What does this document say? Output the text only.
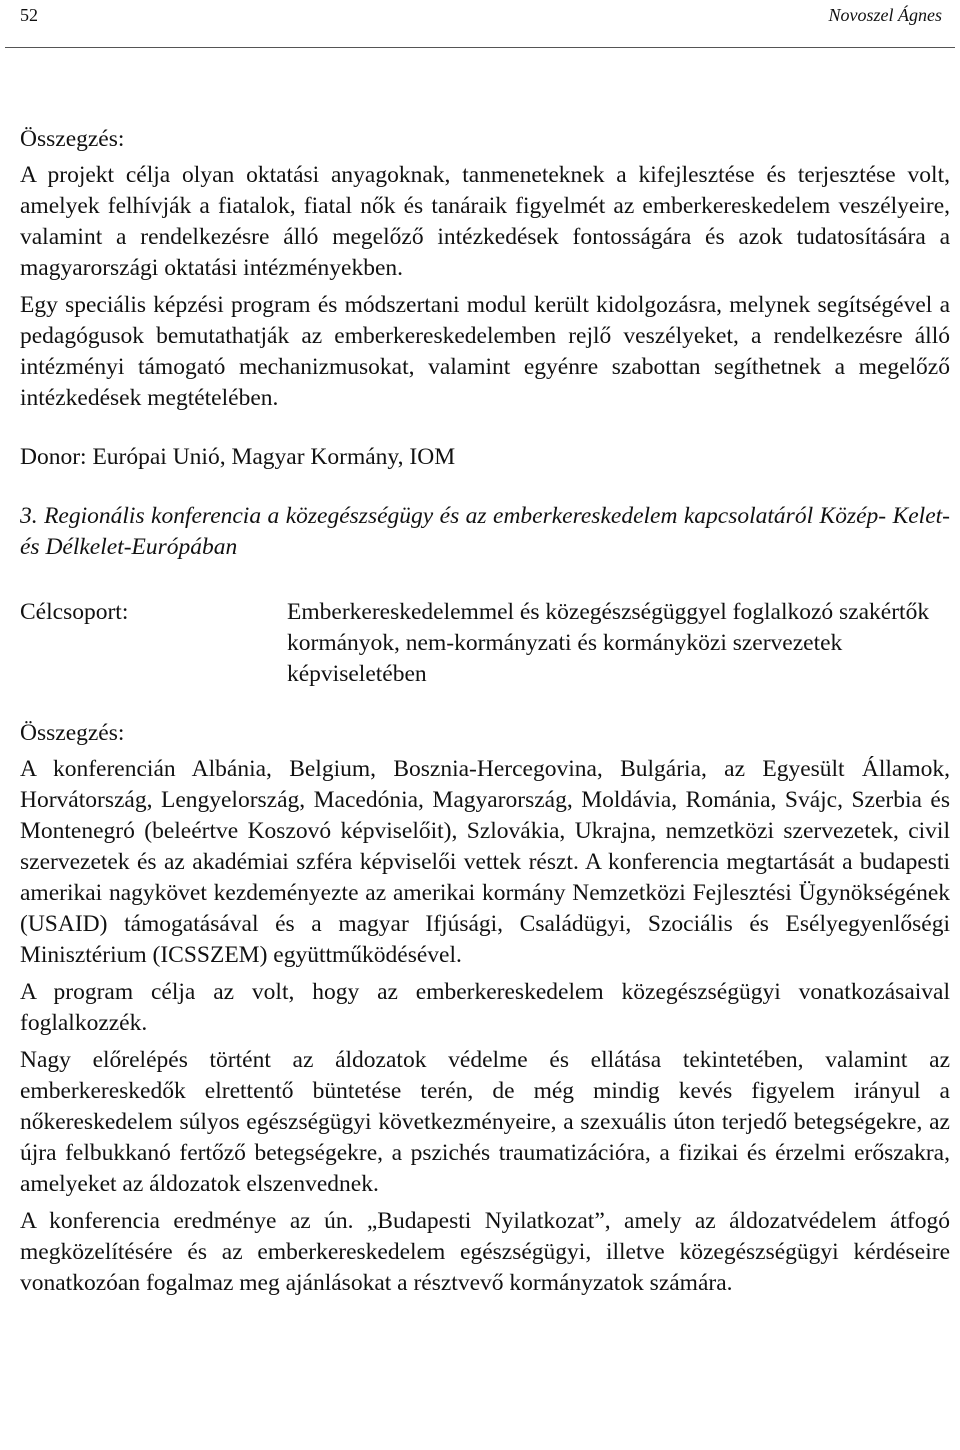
52	Novoszel Ágnes

Összegzés:

A projekt célja olyan oktatási anyagoknak, tanmeneteknek a kifejlesztése és terjesztése volt, amelyek felhívják a fiatalok, fiatal nők és tanáraik figyelmét az emberkereskedelem veszélyeire, valamint a rendelkezésre álló megelőző intézkedések fontosságára és azok tudatosítására a magyarországi oktatási intézményekben.

Egy speciális képzési program és módszertani modul került kidolgozásra, melynek segítségével a pedagógusok bemutathatják az emberkereskedelemben rejlő veszélyeket, a rendelkezésre álló intézményi támogató mechanizmusokat, valamint egyénre szabottan segíthetnek a megelőző intézkedések megtételében.

Donor: Európai Unió, Magyar Kormány, IOM

3. Regionális konferencia a közegészségügy és az emberkereskedelem kapcsolatáról Közép- Kelet- és Délkelet-Európában

Célcsoport:	Emberkereskedelemmel és közegészségüggyel foglalkozó szakértők kormányok, nem-kormányzati és kormányközi szervezetek képviseletében

Összegzés:

A konferencián Albánia, Belgium, Bosznia-Hercegovina, Bulgária, az Egyesült Államok, Horvátország, Lengyelország, Macedónia, Magyarország, Moldávia, Románia, Svájc, Szerbia és Montenegró (beleértve Koszovó képviselőit), Szlovákia, Ukrajna, nemzetközi szervezetek, civil szervezetek és az akadémiai szféra képviselői vettek részt. A konferencia megtartását a budapesti amerikai nagykövet kezdeményezte az amerikai kormány Nemzetközi Fejlesztési Ügynökségének (USAID) támogatásával és a magyar Ifjúsági, Családügyi, Szociális és Esélyegyenlőségi Minisztérium (ICSSZEM) együttműködésével.

A program célja az volt, hogy az emberkereskedelem közegészségügyi vonatkozásaival foglalkozzék.

Nagy előrelépés történt az áldozatok védelme és ellátása tekintetében, valamint az emberkereskedők elrettentő büntetése terén, de még mindig kevés figyelem irányul a nőkereskedelem súlyos egészségügyi következményeire, a szexuális úton terjedő betegségekre, az újra felbukkanó fertőző betegségekre, a pszichés traumatizációra, a fizikai és érzelmi erőszakra, amelyeket az áldozatok elszenvednek.

A konferencia eredménye az ún. „Budapesti Nyilatkozat”, amely az áldozatvédelem átfogó megközelítésére és az emberkereskedelem egészségügyi, illetve közegészségügyi kérdéseire vonatkozóan fogalmaz meg ajánlásokat a résztvevő kormányzatok számára.
